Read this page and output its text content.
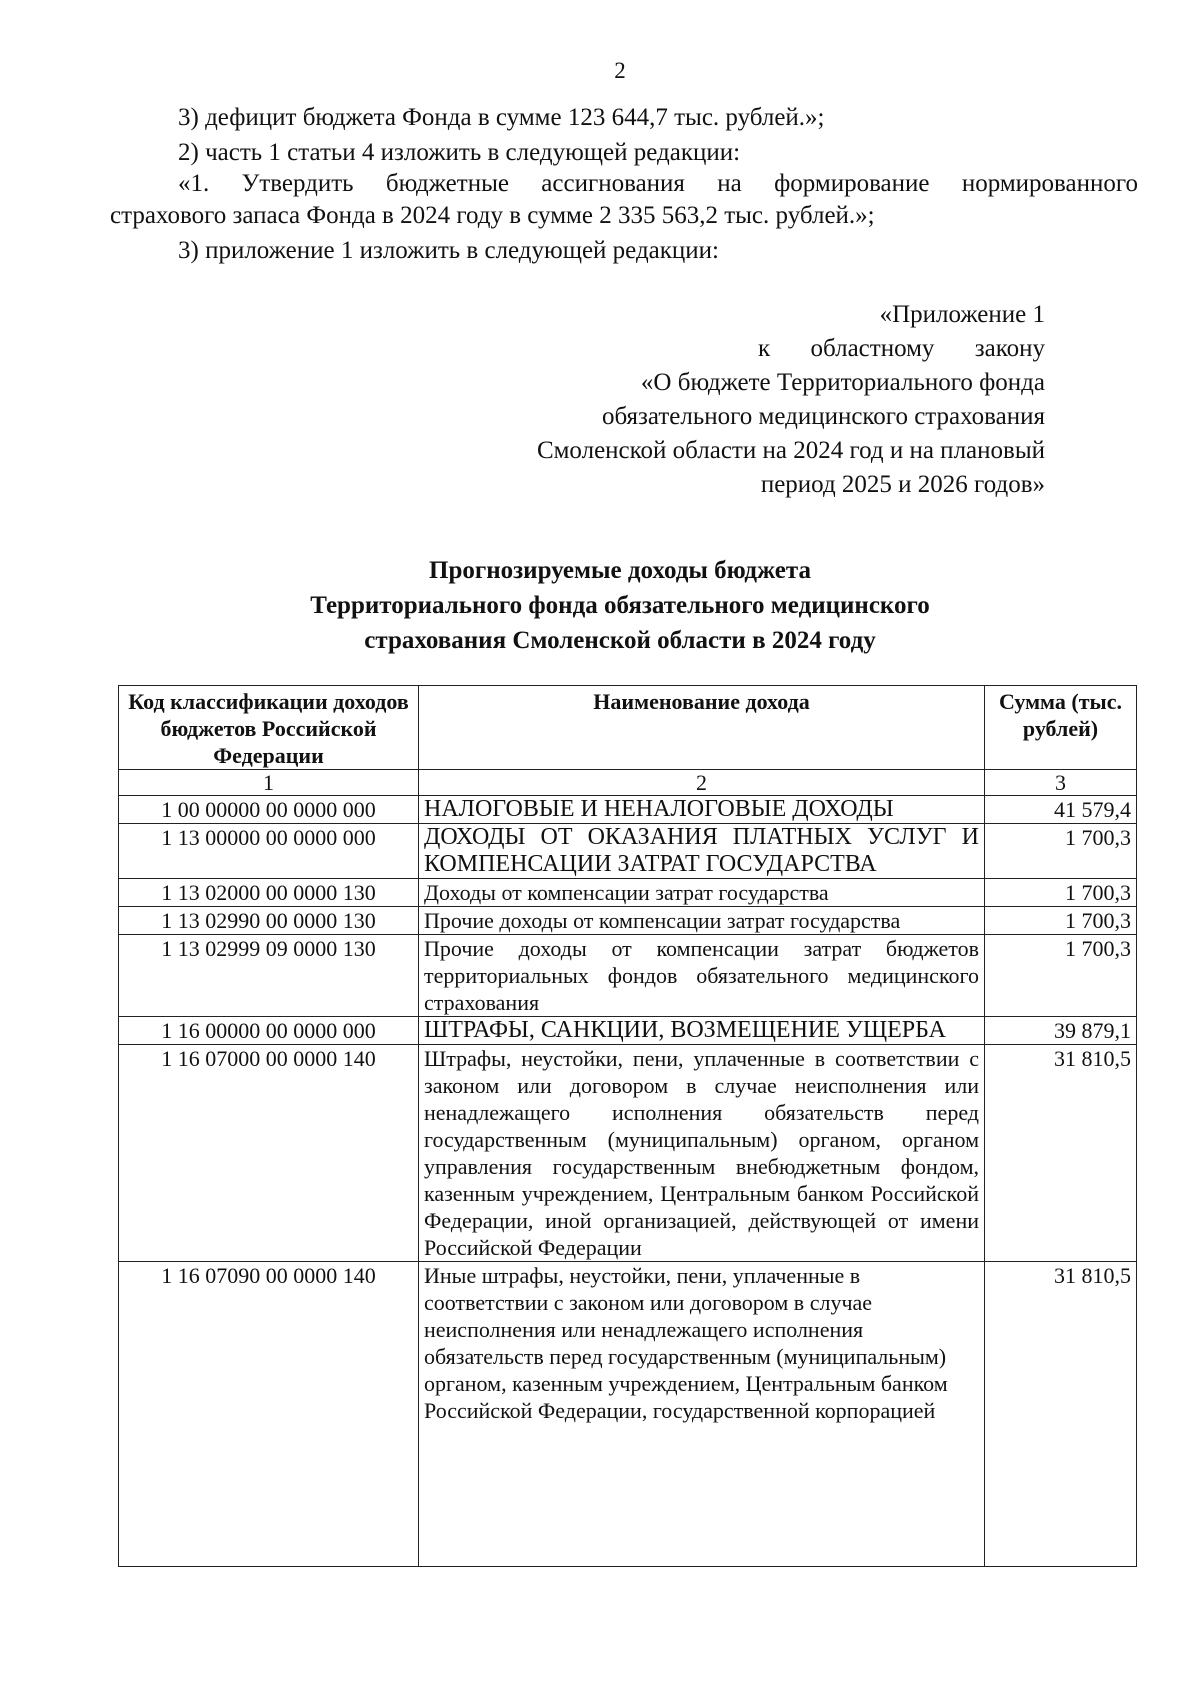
2
3) дефицит бюджета Фонда в сумме 123 644,7 тыс. рублей.»;
2) часть 1 статьи 4 изложить в следующей редакции:
«1. Утвердить бюджетные ассигнования на формирование нормированного
страхового запаса Фонда в 2024 году в сумме 2 335 563,2 тыс. рублей.»;
3) приложение 1 изложить в следующей редакции:
«Приложение 1
к областному закону
«О бюджете Территориального фонда
обязательного медицинского страхования
Смоленской области на 2024 год и на плановый
период 2025 и 2026 годов»
Прогнозируемые доходы бюджета
Территориального фонда обязательного медицинского
страхования Смоленской области в 2024 году
Код классификации доходов бюджетов Российской Федерации	Наименование дохода	Сумма (тыс. рублей)
1	2	3
1 00 00000 00 0000 000	НАЛОГОВЫЕ И НЕНАЛОГОВЫЕ ДОХОДЫ	41 579,4
1 13 00000 00 0000 000	ДОХОДЫ ОТ ОКАЗАНИЯ ПЛАТНЫХ УСЛУГ И КОМПЕНСАЦИИ ЗАТРАТ ГОСУДАРСТВА	1 700,3
1 13 02000 00 0000 130	Доходы от компенсации затрат государства	1 700,3
1 13 02990 00 0000 130	Прочие доходы от компенсации затрат государства	1 700,3
1 13 02999 09 0000 130	Прочие доходы от компенсации затрат бюджетов территориальных фондов обязательного медицинского страхования	1 700,3
1 16 00000 00 0000 000	ШТРАФЫ, САНКЦИИ, ВОЗМЕЩЕНИЕ УЩЕРБА	39 879,1
1 16 07000 00 0000 140	Штрафы, неустойки, пени, уплаченные в соответствии с законом или договором в случае неисполнения или ненадлежащего исполнения обязательств перед государственным (муниципальным) органом, органом управления государственным внебюджетным фондом, казенным учреждением, Центральным банком Российской Федерации, иной организацией, действующей от имени Российской Федерации	31 810,5
1 16 07090 00 0000 140	Иные штрафы, неустойки, пени, уплаченные в соответствии с законом или договором в случае неисполнения или ненадлежащего исполнения обязательств перед государственным (муниципальным) органом, казенным учреждением, Центральным банком Российской Федерации, государственной корпорацией	31 810,5
